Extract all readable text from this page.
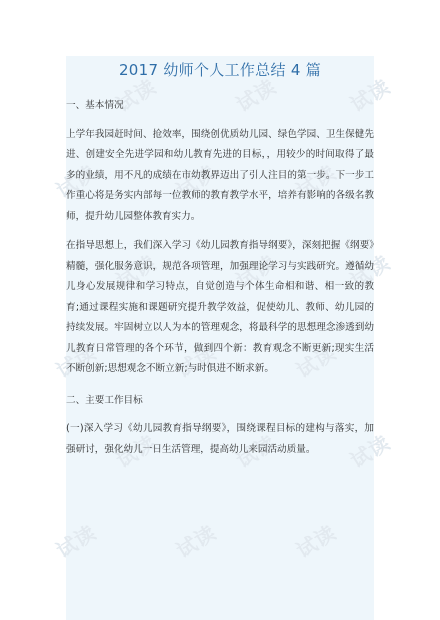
试读	试读	试读
试读	试读	试读
试读	试读	试读
试读	试读	试读
试读	试读	试读
试读	试读	试读
2017 幼师个人工作总结 4 篇

一、基本情况

上学年我园赶时间、抢效率，围绕创优质幼儿园、绿色学园、卫生保健先进、创建安全先进学园和幼儿教育先进的目标，，用较少的时间取得了最多的业绩，用不凡的成绩在市幼教界迈出了引人注目的第一步。下一步工作重心将是务实内部每一位教师的教育教学水平，培养有影响的各级名教师，提升幼儿园整体教育实力。

在指导思想上，我们深入学习《幼儿园教育指导纲要》，深刻把握《纲要》精髓，强化服务意识，规范各项管理，加强理论学习与实践研究。遵循幼儿身心发展规律和学习特点，自觉创造与个体生命相和谐、相一致的教育;通过课程实施和课题研究提升教学效益，促使幼儿、教师、幼儿园的持续发展。牢固树立以人为本的管理观念，将最科学的思想理念渗透到幼儿教育日常管理的各个环节，做到四个新：教育观念不断更新;现实生活不断创新;思想观念不断立新;与时俱进不断求新。

二、主要工作目标

(一)深入学习《幼儿园教育指导纲要》，围绕课程目标的建构与落实，加强研讨，强化幼儿一日生活管理，提高幼儿来园活动质量。
